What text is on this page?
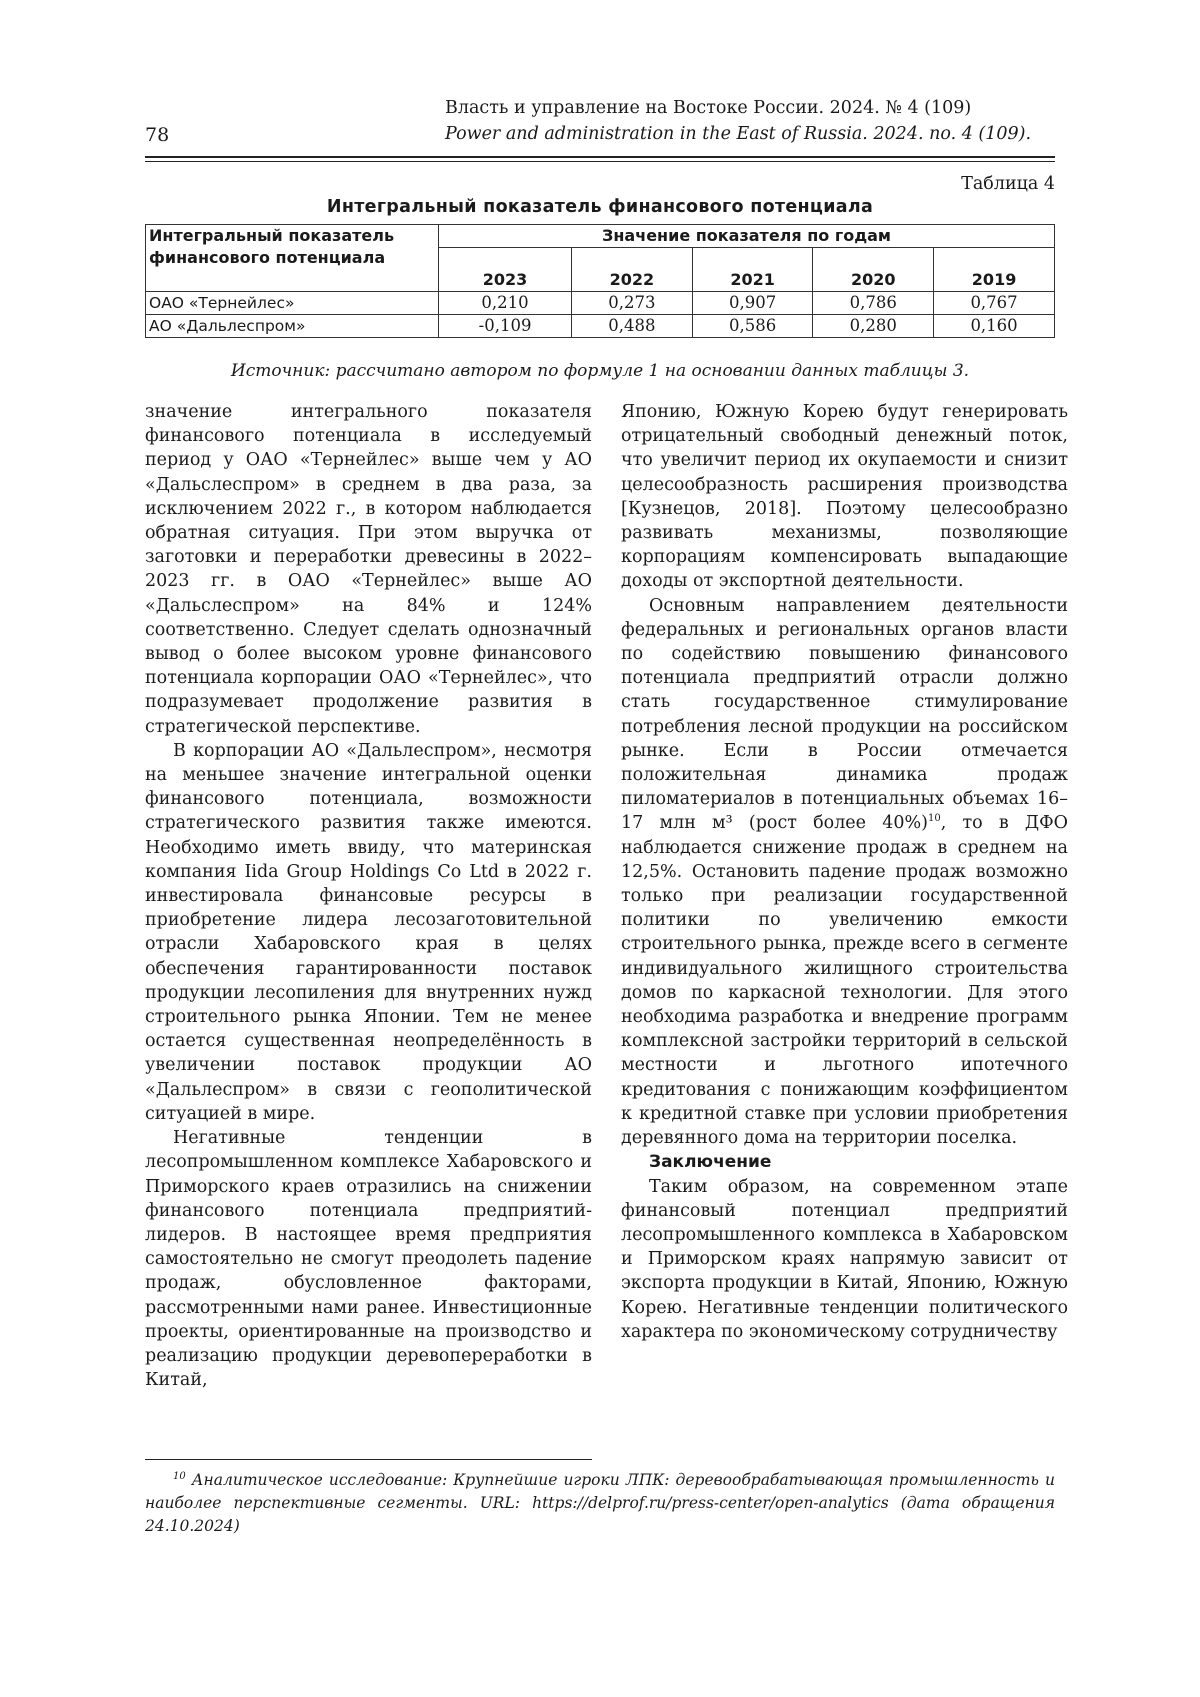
78
Власть и управление на Востоке России. 2024. № 4 (109)
Power and administration in the East of Russia. 2024. no. 4 (109).
Таблица 4
Интегральный показатель финансового потенциала
Интегральный показатель финансового потенциала	Значение показателя по годам				
	2023	2022	2021	2020	2019
ОАО «Тернейлес»	0,210	0,273	0,907	0,786	0,767
АО «Дальлеспром»	-0,109	0,488	0,586	0,280	0,160
Источник: рассчитано автором по формуле 1 на основании данных таблицы 3.

значение интегрального показателя финансового потенциала в исследуемый период у ОАО «Тернейлес» выше чем у АО «Дальслеспром» в среднем в два раза, за исключением 2022 г., в котором наблюдается обратная ситуация. При этом выручка от заготовки и переработки древесины в 2022–2023 гг. в ОАО «Тернейлес» выше АО «Дальслеспром» на 84% и 124% соответственно. Следует сделать однозначный вывод о более высоком уровне финансового потенциала корпорации ОАО «Тернейлес», что подразумевает продолжение развития в стратегической перспективе.

В корпорации АО «Дальлеспром», несмотря на меньшее значение интегральной оценки финансового потенциала, возможности стратегического развития также имеются. Необходимо иметь ввиду, что материнская компания Iida Group Holdings Co Ltd в 2022 г. инвестировала финансовые ресурсы в приобретение лидера лесозаготовительной отрасли Хабаровского края в целях обеспечения гарантированности поставок продукции лесопиления для внутренних нужд строительного рынка Японии. Тем не менее остается существенная неопределённость в увеличении поставок продукции АО «Дальлеспром» в связи с геополитической ситуацией в мире.

Негативные тенденции в лесопромышленном комплексе Хабаровского и Приморского краев отразились на снижении финансового потенциала предприятий-лидеров. В настоящее время предприятия самостоятельно не смогут преодолеть падение продаж, обусловленное факторами, рассмотренными нами ранее. Инвестиционные проекты, ориентированные на производство и реализацию продукции деревопереработки в Китай,

Японию, Южную Корею будут генерировать отрицательный свободный денежный поток, что увеличит период их окупаемости и снизит целесообразность расширения производства [Кузнецов, 2018]. Поэтому целесообразно развивать механизмы, позволяющие корпорациям компенсировать выпадающие доходы от экспортной деятельности.

Основным направлением деятельности федеральных и региональных органов власти по содействию повышению финансового потенциала предприятий отрасли должно стать государственное стимулирование потребления лесной продукции на российском рынке. Если в России отмечается положительная динамика продаж пиломатериалов в потенциальных объемах 16–17 млн м³ (рост более 40%)$^{10}$, то в ДФО наблюдается снижение продаж в среднем на 12,5%. Остановить падение продаж возможно только при реализации государственной политики по увеличению емкости строительного рынка, прежде всего в сегменте индивидуального жилищного строительства домов по каркасной технологии. Для этого необходима разработка и внедрение программ комплексной застройки территорий в сельской местности и льготного ипотечного кредитования с понижающим коэффициентом к кредитной ставке при условии приобретения деревянного дома на территории поселка.

Заключение

Таким образом, на современном этапе финансовый потенциал предприятий лесопромышленного комплекса в Хабаровском и Приморском краях напрямую зависит от экспорта продукции в Китай, Японию, Южную Корею. Негативные тенденции политического характера по экономическому сотрудничеству

$^{10}$ Аналитическое исследование: Крупнейшие игроки ЛПК: деревообрабатывающая промышленность и наиболее перспективные сегменты. URL: https://delprof.ru/press-center/open-analytics (дата обращения 24.10.2024)
